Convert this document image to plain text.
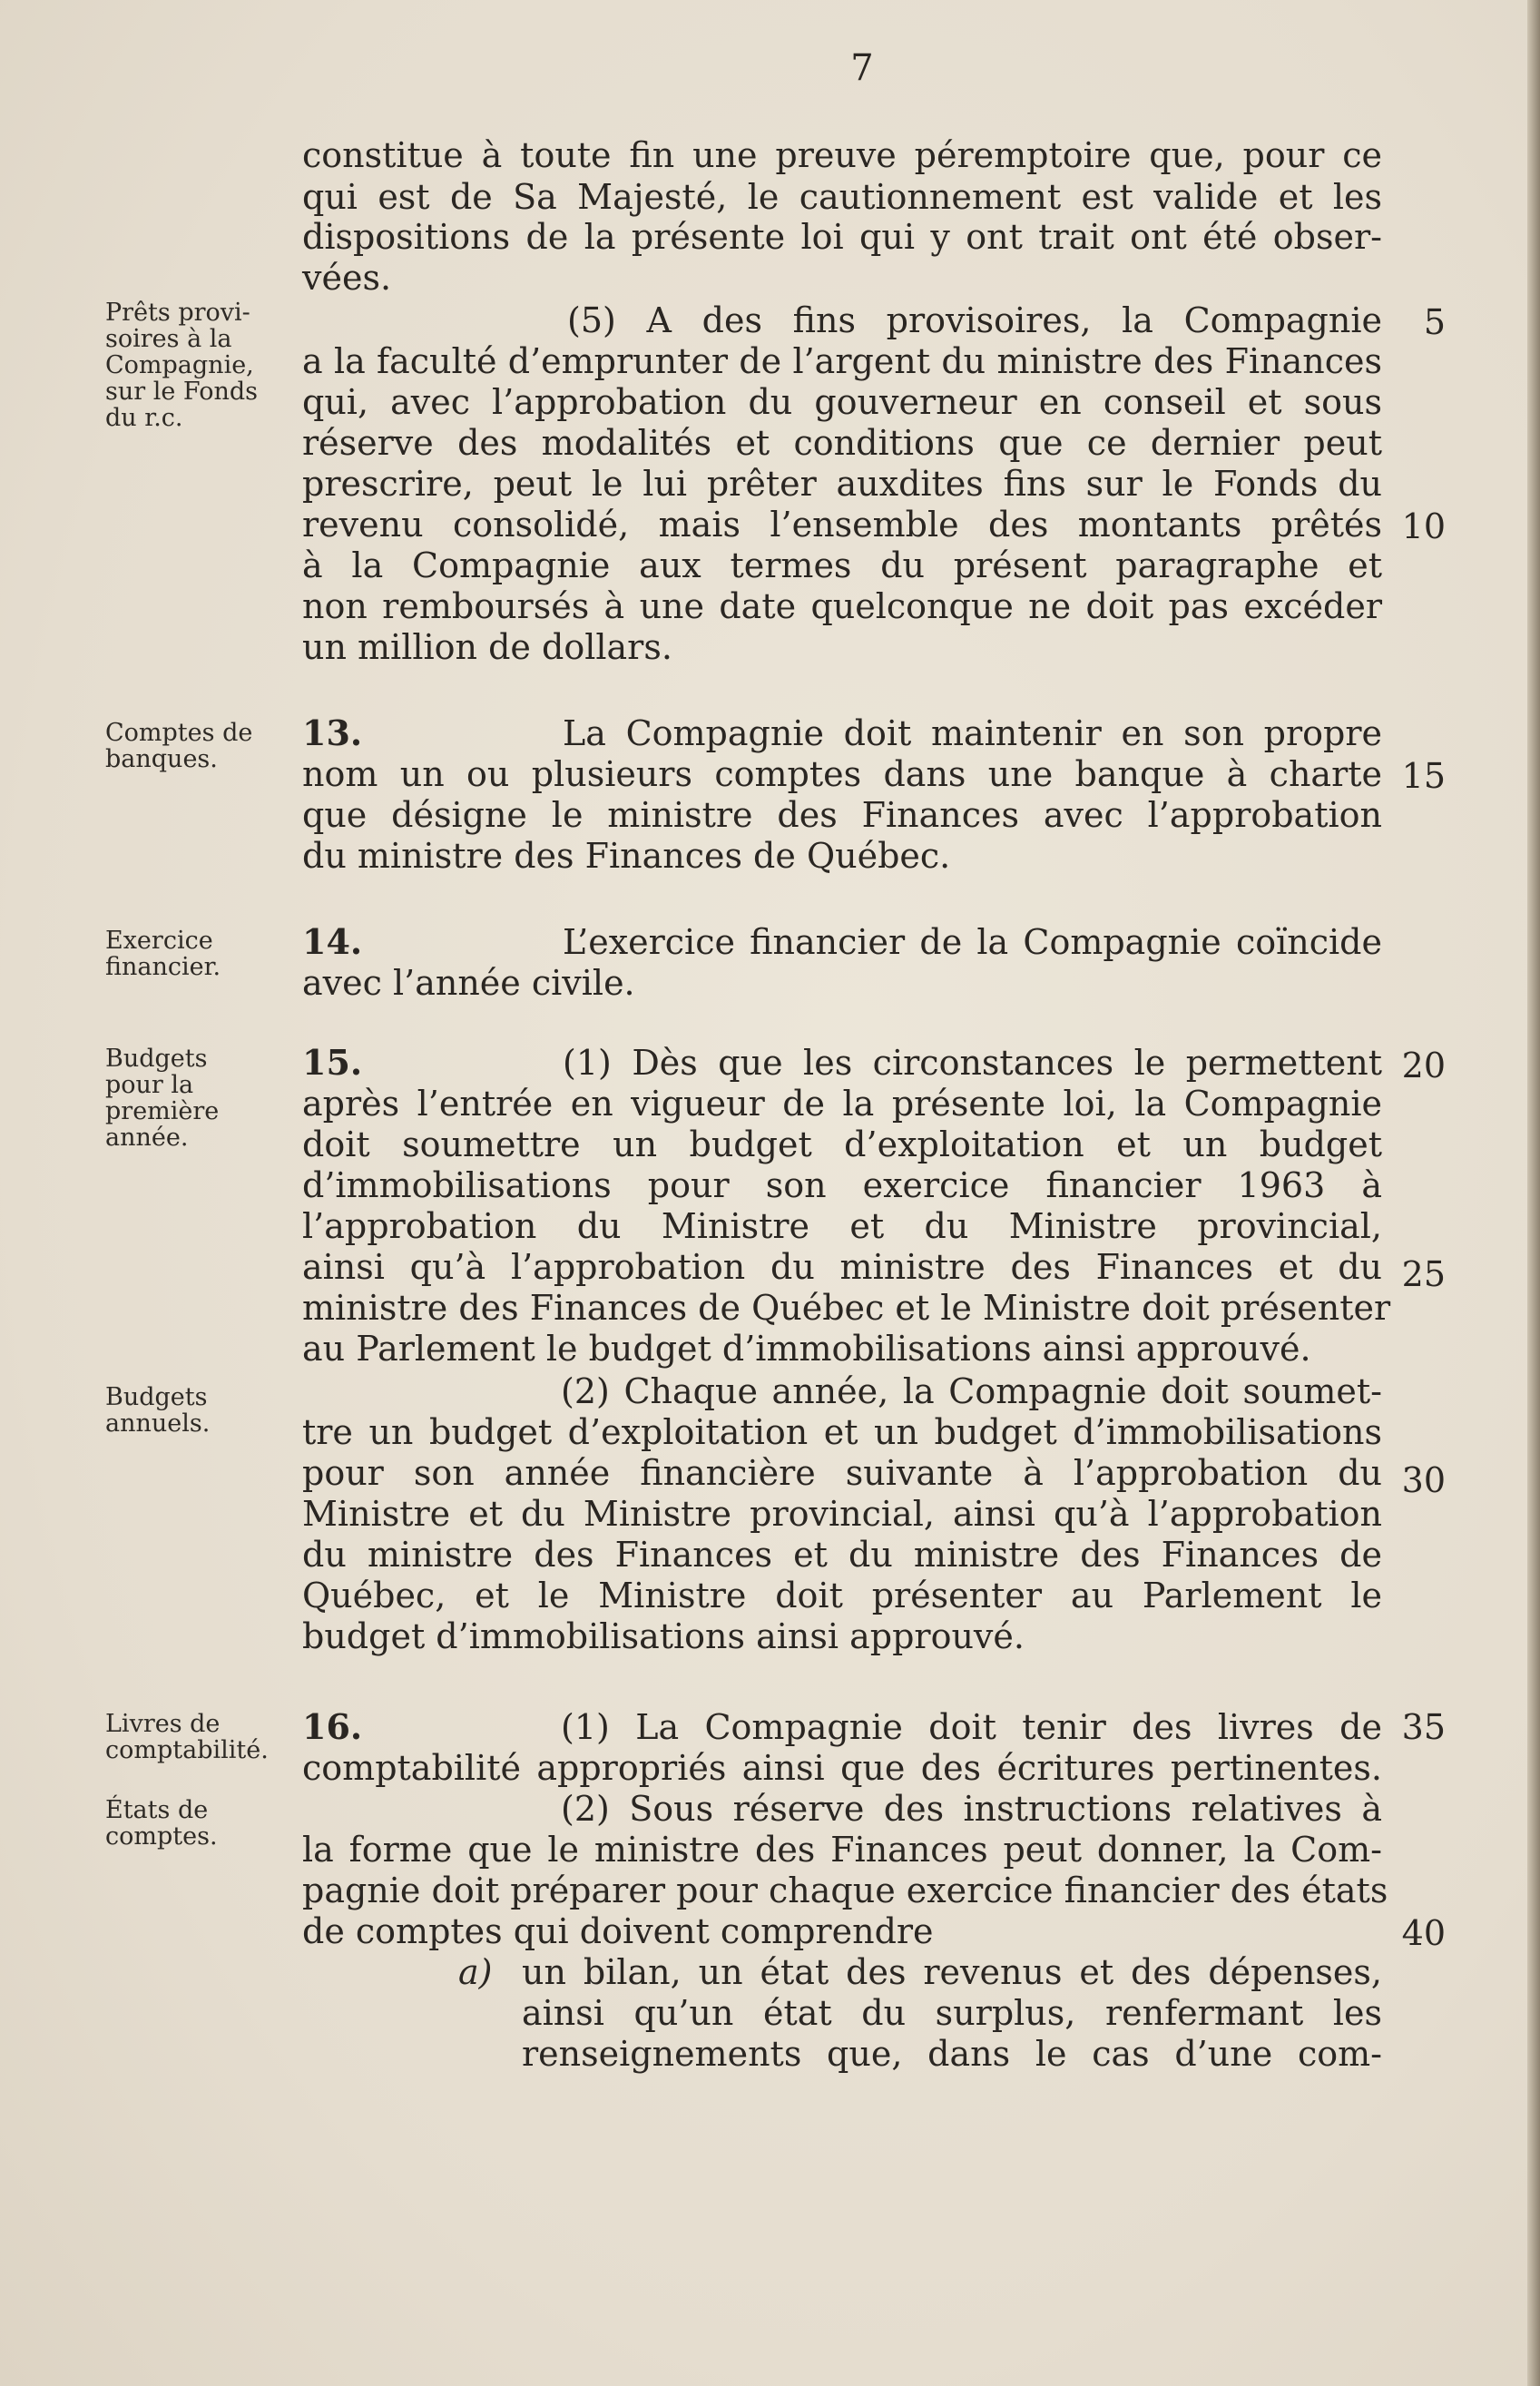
7
Prêts provi-
soires à la
Compagnie,
sur le Fonds
du r.c.
Comptes de
banques.
Exercice
financier.
Budgets
pour la
première
année.
Budgets
annuels.
Livres de
comptabilité.
États de
comptes.
5
10
15
20
25
30
35
40
constitue à toute fin une preuve péremptoire que, pour ce
qui est de Sa Majesté, le cautionnement est valide et les
dispositions de la présente loi qui y ont trait ont été obser-
vées.
(5) A des fins provisoires, la Compagnie
a la faculté d’emprunter de l’argent du ministre des Finances
qui, avec l’approbation du gouverneur en conseil et sous
réserve des modalités et conditions que ce dernier peut
prescrire, peut le lui prêter auxdites fins sur le Fonds du
revenu consolidé, mais l’ensemble des montants prêtés
à la Compagnie aux termes du présent paragraphe et
non remboursés à une date quelconque ne doit pas excéder
un million de dollars.
13.	La Compagnie doit maintenir en son propre
nom un ou plusieurs comptes dans une banque à charte
que désigne le ministre des Finances avec l’approbation
du ministre des Finances de Québec.
14.	L’exercice financier de la Compagnie coïncide
avec l’année civile.
15.	(1) Dès que les circonstances le permettent
après l’entrée en vigueur de la présente loi, la Compagnie
doit soumettre un budget d’exploitation et un budget
d’immobilisations pour son exercice financier 1963 à
l’approbation du Ministre et du Ministre provincial,
ainsi qu’à l’approbation du ministre des Finances et du
ministre des Finances de Québec et le Ministre doit présenter
au Parlement le budget d’immobilisations ainsi approuvé.
(2) Chaque année, la Compagnie doit soumet-
tre un budget d’exploitation et un budget d’immobilisations
pour son année financière suivante à l’approbation du
Ministre et du Ministre provincial, ainsi qu’à l’approbation
du ministre des Finances et du ministre des Finances de
Québec, et le Ministre doit présenter au Parlement le
budget d’immobilisations ainsi approuvé.
16.	(1) La Compagnie doit tenir des livres de
comptabilité appropriés ainsi que des écritures pertinentes.
(2) Sous réserve des instructions relatives à
la forme que le ministre des Finances peut donner, la Com-
pagnie doit préparer pour chaque exercice financier des états
de comptes qui doivent comprendre
a) un bilan, un état des revenus et des dépenses,
ainsi qu’un état du surplus, renfermant les
renseignements que, dans le cas d’une com-
